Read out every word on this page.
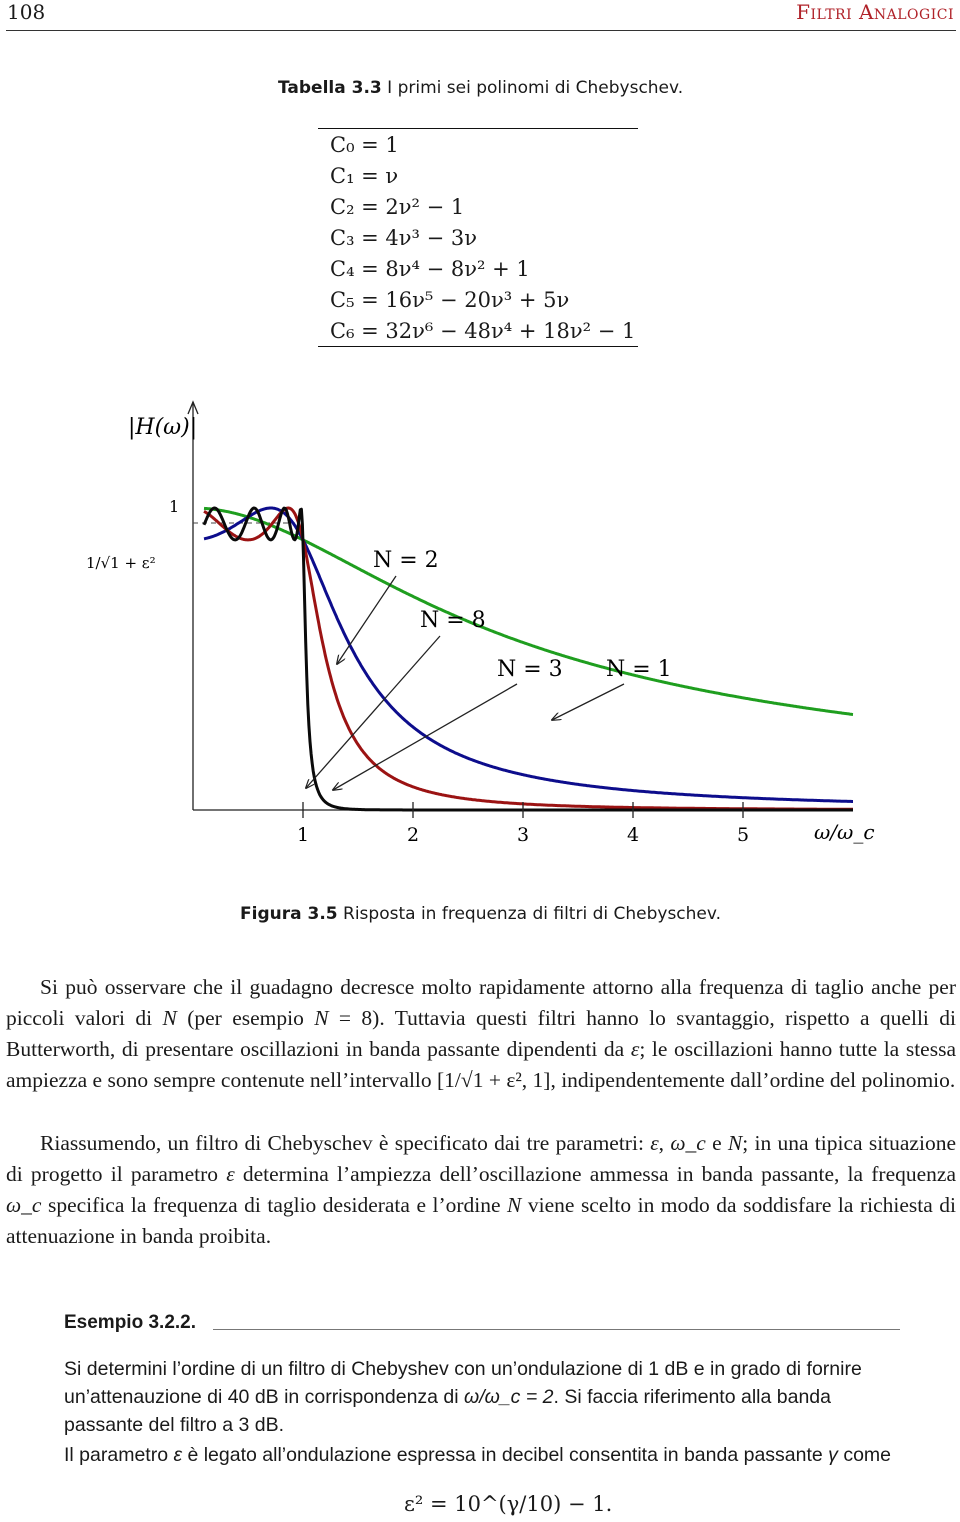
108	Filtri Analogici
Tabella 3.3 I primi sei polinomi di Chebyschev.
C₀ = 1
C₁ = ν
C₂ = 2ν² − 1
C₃ = 4ν³ − 3ν
C₄ = 8ν⁴ − 8ν² + 1
C₅ = 16ν⁵ − 20ν³ + 5ν
C₆ = 32ν⁶ − 48ν⁴ + 18ν² − 1
1	2	3	4	5
|H(ω)|
1
1/√1 + ε²
ω/ω_c
N = 2
N = 8
N = 3 N = 1
Figura 3.5 Risposta in frequenza di filtri di Chebyschev.
Si può osservare che il guadagno decresce molto rapidamente attorno alla frequenza di taglio anche per piccoli valori di N (per esempio N = 8). Tuttavia questi filtri hanno lo svantaggio, rispetto a quelli di Butterworth, di presentare oscillazioni in banda passante dipendenti da ε; le oscillazioni hanno tutte la stessa ampiezza e sono sempre contenute nell’intervallo [1/√1 + ε², 1], indipendentemente dall’ordine del polinomio.
Riassumendo, un filtro di Chebyschev è specificato dai tre parametri: ε, ω_c e N; in una tipica situazione di progetto il parametro ε determina l’ampiezza dell’oscillazione ammessa in banda passante, la frequenza ω_c specifica la frequenza di taglio desiderata e l’ordine N viene scelto in modo da soddisfare la richiesta di attenuazione in banda proibita.
Esempio 3.2.2.
Si determini l’ordine di un filtro di Chebyshev con un’ondulazione di 1 dB e in grado di fornire un’attenauzione di 40 dB in corrispondenza di ω/ω_c = 2. Si faccia riferimento alla banda passante del filtro a 3 dB.
Il parametro ε è legato all’ondulazione espressa in decibel consentita in banda passante γ come
ε² = 10^(γ/10) − 1.
